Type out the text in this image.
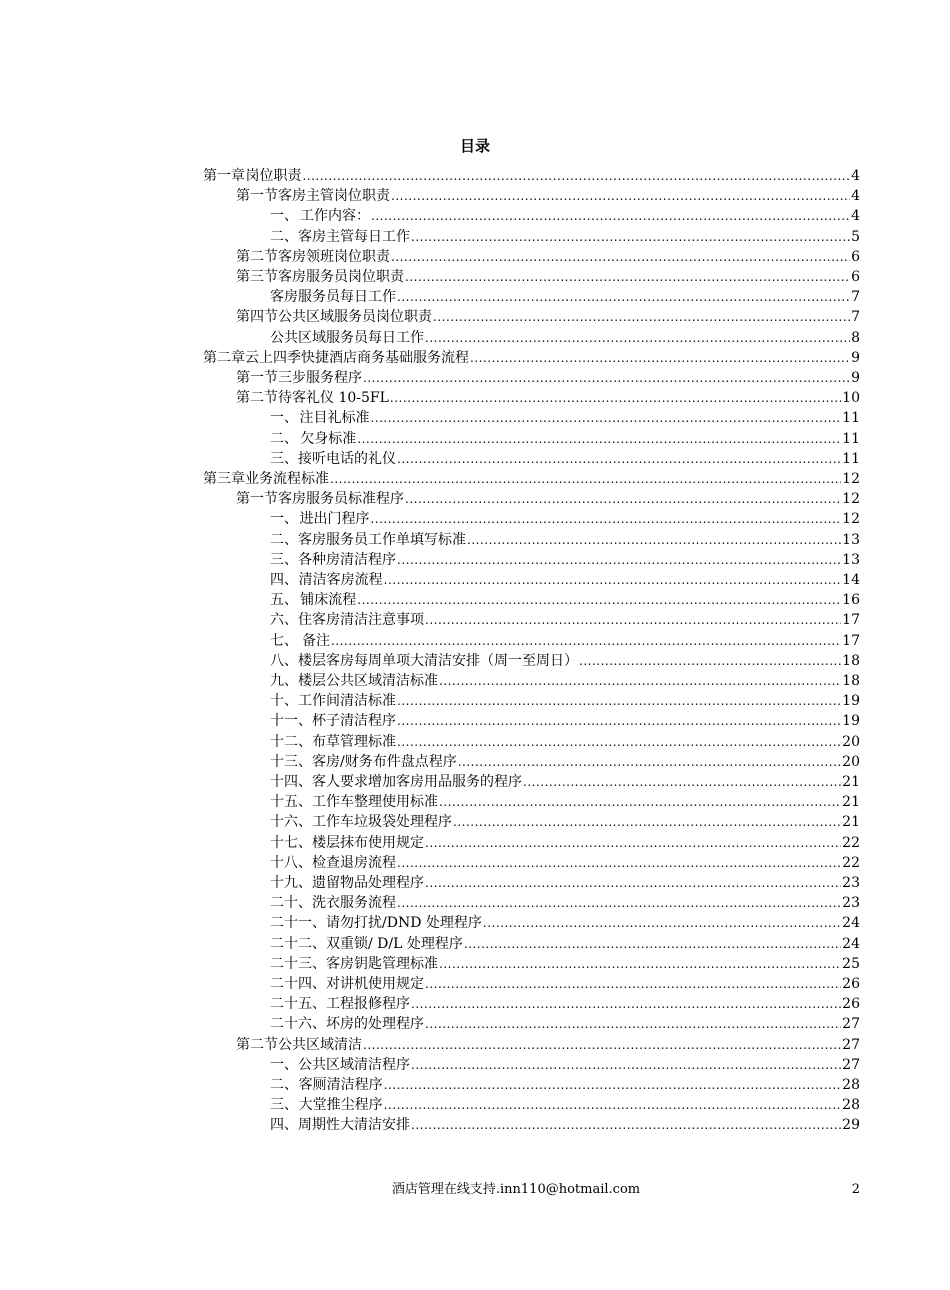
目录
第一章 岗位职责 .....	4
第一节 客房主管岗位职责 .....	4
一、 工作内容： .....	4
二、 客房主管每日工作 .....	5
第二节 客房领班岗位职责 .....	6
第三节 客房服务员岗位职责 .....	6
客房服务员每日工作 .....	7
第四节 公共区域服务员岗位职责 .....	7
公共区域服务员每日工作 .....	8
第二章 云上四季快捷酒店商务基础服务流程 .....	9
第一节 三步服务程序 .....	9
第二节 待客礼仪 10-5FL .....	10
一、 注目礼标准 .....	11
二、 欠身标准 .....	11
三、 接听电话的礼仪 .....	11
第三章 业务流程标准 .....	12
第一节 客房服务员标准程序 .....	12
一、 进出门程序 .....	12
二、 客房服务员工作单填写标准 .....	13
三、 各种房清洁程序 .....	13
四、 清洁客房流程 .....	14
五、 铺床流程 .....	16
六、 住客房清洁注意事项 .....	17
七、 备注 .....	17
八、 楼层客房每周单项大清洁安排（周一至周日） .....	18
九、 楼层公共区域清洁标准 .....	18
十、 工作间清洁标准 .....	19
十一、 杯子清洁程序 .....	19
十二、 布草管理标准 .....	20
十三、 客房/财务布件盘点程序 .....	20
十四、 客人要求增加客房用品服务的程序 .....	21
十五、 工作车整理使用标准 .....	21
十六、 工作车垃圾袋处理程序 .....	21
十七、 楼层抹布使用规定 .....	22
十八、 检查退房流程 .....	22
十九、 遗留物品处理程序 .....	23
二十、 洗衣服务流程 .....	23
二十一、 请勿打扰/DND 处理程序 .....	24
二十二、 双重锁/ D/L 处理程序 .....	24
二十三、 客房钥匙管理标准 .....	25
二十四、 对讲机使用规定 .....	26
二十五、 工程报修程序 .....	26
二十六、 坏房的处理程序 .....	27
第二节 公共区域清洁 .....	27
一、 公共区域清洁程序 .....	27
二、 客厕清洁程序 .....	28
三、 大堂推尘程序 .....	28
四、 周期性大清洁安排 .....	29
酒店管理在线支持.inn110@hotmail.com	2
